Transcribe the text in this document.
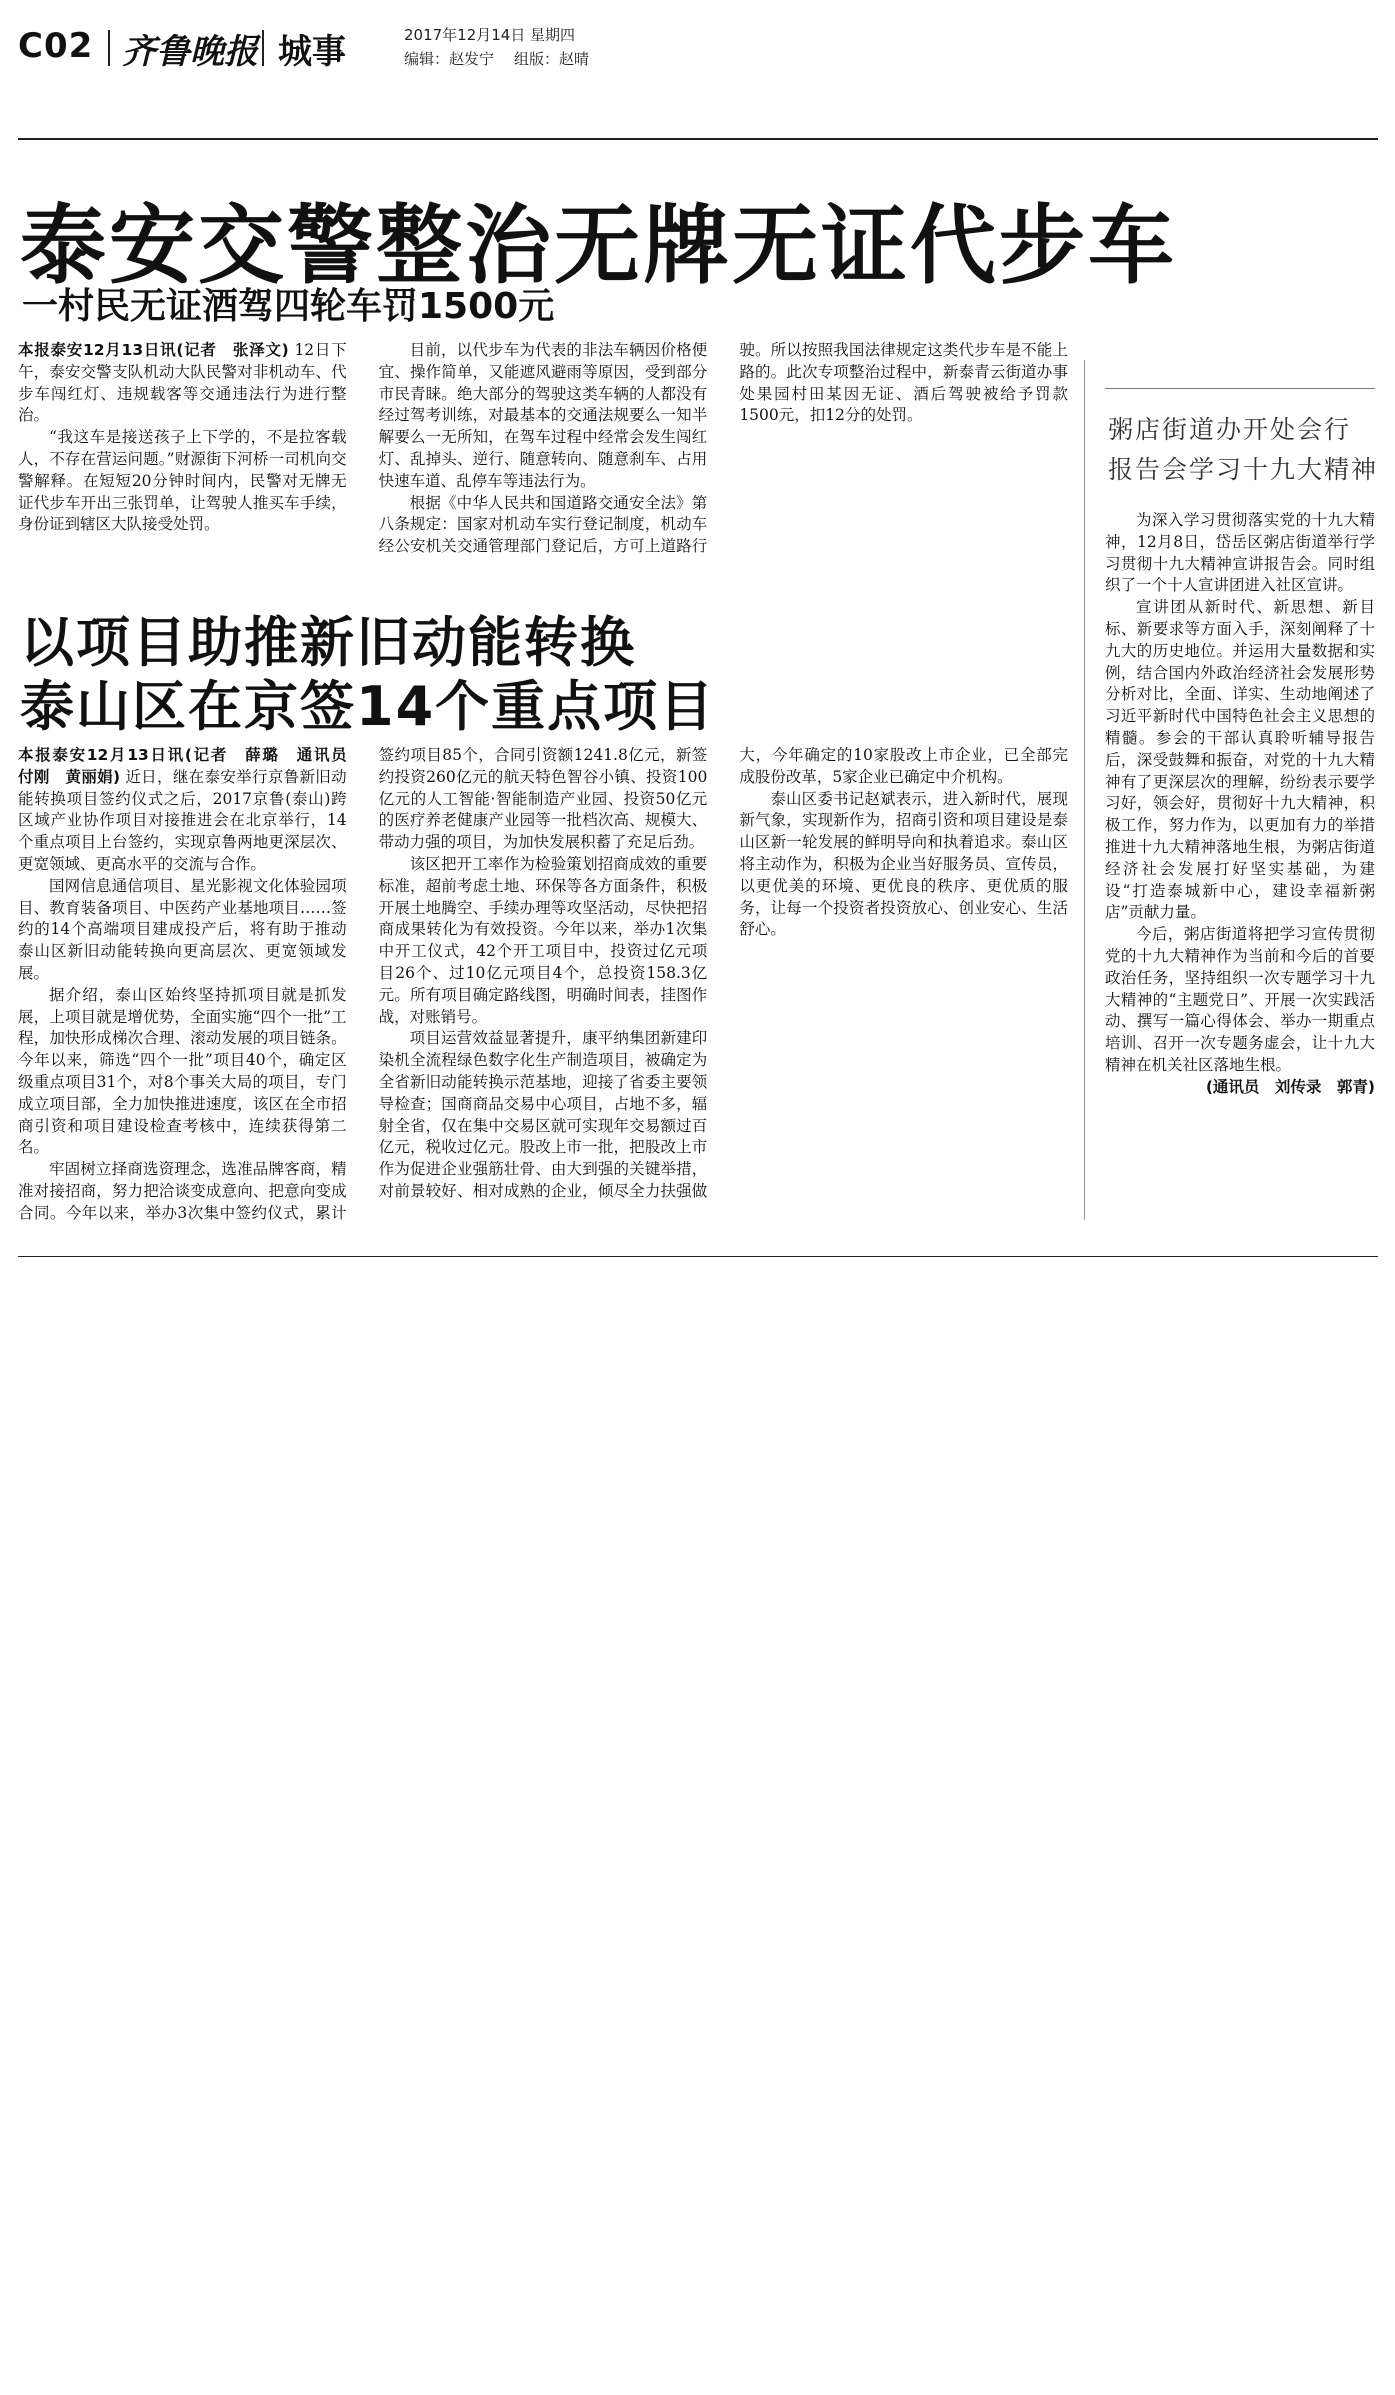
C02 齐鲁晚报 城事	2017年12月14日 星期四
编辑：赵发宁 组版：赵晴
泰安交警整治无牌无证代步车
一村民无证酒驾四轮车罚1500元

本报泰安12月13日讯(记者　张泽文) 12日下午，泰安交警支队机动大队民警对非机动车、代步车闯红灯、违规载客等交通违法行为进行整治。

“我这车是接送孩子上下学的，不是拉客载人，不存在营运问题。”财源街下河桥一司机向交警解释。在短短20分钟时间内，民警对无牌无证代步车开出三张罚单，让驾驶人推买车手续，身份证到辖区大队接受处罚。

目前，以代步车为代表的非法车辆因价格便宜、操作简单，又能遮风避雨等原因，受到部分市民青睐。绝大部分的驾驶这类车辆的人都没有经过驾考训练，对最基本的交通法规要么一知半解要么一无所知，在驾车过程中经常会发生闯红灯、乱掉头、逆行、随意转向、随意刹车、占用快速车道、乱停车等违法行为。

根据《中华人民共和国道路交通安全法》第八条规定：国家对机动车实行登记制度，机动车经公安机关交通管理部门登记后，方可上道路行驶。所以按照我国法律规定这类代步车是不能上路的。此次专项整治过程中，新泰青云街道办事处果园村田某因无证、酒后驾驶被给予罚款1500元，扣12分的处罚。	粥店街道办开处会行
报告会学习十九大精神

为深入学习贯彻落实党的十九大精神，12月8日，岱岳区粥店街道举行学习贯彻十九大精神宣讲报告会。同时组织了一个十人宣讲团进入社区宣讲。

宣讲团从新时代、新思想、新目标、新要求等方面入手，深刻阐释了十九大的历史地位。并运用大量数据和实例，结合国内外政治经济社会发展形势分析对比，全面、详实、生动地阐述了习近平新时代中国特色社会主义思想的精髓。参会的干部认真聆听辅导报告后，深受鼓舞和振奋，对党的十九大精神有了更深层次的理解，纷纷表示要学习好，领会好，贯彻好十九大精神，积极工作，努力作为，以更加有力的举措推进十九大精神落地生根，为粥店街道经济社会发展打好坚实基础，为建设“打造泰城新中心，建设幸福新粥店”贡献力量。

今后，粥店街道将把学习宣传贯彻党的十九大精神作为当前和今后的首要政治任务，坚持组织一次专题学习十九大精神的“主题党日”、开展一次实践活动、撰写一篇心得体会、举办一期重点培训、召开一次专题务虚会，让十九大精神在机关社区落地生根。

(通讯员　刘传录　郭青)

以项目助推新旧动能转换
泰山区在京签14个重点项目

本报泰安12月13日讯(记者　薛璐　通讯员　付刚　黄丽娟) 近日，继在泰安举行京鲁新旧动能转换项目签约仪式之后，2017京鲁(泰山)跨区域产业协作项目对接推进会在北京举行，14个重点项目上台签约，实现京鲁两地更深层次、更宽领域、更高水平的交流与合作。

国网信息通信项目、星光影视文化体验园项目、教育装备项目、中医药产业基地项目……签约的14个高端项目建成投产后，将有助于推动泰山区新旧动能转换向更高层次、更宽领域发展。

据介绍，泰山区始终坚持抓项目就是抓发展，上项目就是增优势，全面实施“四个一批”工程，加快形成梯次合理、滚动发展的项目链条。今年以来，筛选“四个一批”项目40个，确定区级重点项目31个，对8个事关大局的项目，专门成立项目部，全力加快推进速度，该区在全市招商引资和项目建设检查考核中，连续获得第二名。

牢固树立择商选资理念，选准品牌客商，精准对接招商，努力把洽谈变成意向、把意向变成合同。今年以来，举办3次集中签约仪式，累计签约项目85个，合同引资额1241.8亿元，新签约投资260亿元的航天特色智谷小镇、投资100亿元的人工智能·智能制造产业园、投资50亿元的医疗养老健康产业园等一批档次高、规模大、带动力强的项目，为加快发展积蓄了充足后劲。

该区把开工率作为检验策划招商成效的重要标准，超前考虑土地、环保等各方面条件，积极开展土地腾空、手续办理等攻坚活动，尽快把招商成果转化为有效投资。今年以来，举办1次集中开工仪式，42个开工项目中，投资过亿元项目26个、过10亿元项目4个，总投资158.3亿元。所有项目确定路线图，明确时间表，挂图作战，对账销号。

项目运营效益显著提升，康平纳集团新建印染机全流程绿色数字化生产制造项目，被确定为全省新旧动能转换示范基地，迎接了省委主要领导检查；国商商品交易中心项目，占地不多，辐射全省，仅在集中交易区就可实现年交易额过百亿元，税收过亿元。股改上市一批，把股改上市作为促进企业强筋壮骨、由大到强的关键举措，对前景较好、相对成熟的企业，倾尽全力扶强做大，今年确定的10家股改上市企业，已全部完成股份改革，5家企业已确定中介机构。

泰山区委书记赵斌表示，进入新时代，展现新气象，实现新作为，招商引资和项目建设是泰山区新一轮发展的鲜明导向和执着追求。泰山区将主动作为，积极为企业当好服务员、宣传员，以更优美的环境、更优良的秩序、更优质的服务，让每一个投资者投资放心、创业安心、生活舒心。
